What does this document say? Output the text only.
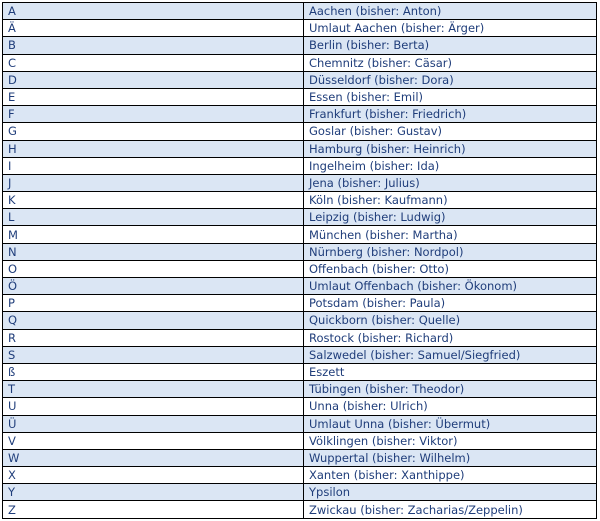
A	Aachen (bisher: Anton)
Ä	Umlaut Aachen (bisher: Ärger)
B	Berlin (bisher: Berta)
C	Chemnitz (bisher: Cäsar)
D	Düsseldorf (bisher: Dora)
E	Essen (bisher: Emil)
F	Frankfurt (bisher: Friedrich)
G	Goslar (bisher: Gustav)
H	Hamburg (bisher: Heinrich)
I	Ingelheim (bisher: Ida)
J	Jena (bisher: Julius)
K	Köln (bisher: Kaufmann)
L	Leipzig (bisher: Ludwig)
M	München (bisher: Martha)
N	Nürnberg (bisher: Nordpol)
O	Offenbach (bisher: Otto)
Ö	Umlaut Offenbach (bisher: Ökonom)
P	Potsdam (bisher: Paula)
Q	Quickborn (bisher: Quelle)
R	Rostock (bisher: Richard)
S	Salzwedel (bisher: Samuel/Siegfried)
ß	Eszett
T	Tübingen (bisher: Theodor)
U	Unna (bisher: Ulrich)
Ü	Umlaut Unna (bisher: Übermut)
V	Völklingen (bisher: Viktor)
W	Wuppertal (bisher: Wilhelm)
X	Xanten (bisher: Xanthippe)
Y	Ypsilon
Z	Zwickau (bisher: Zacharias/Zeppelin)
